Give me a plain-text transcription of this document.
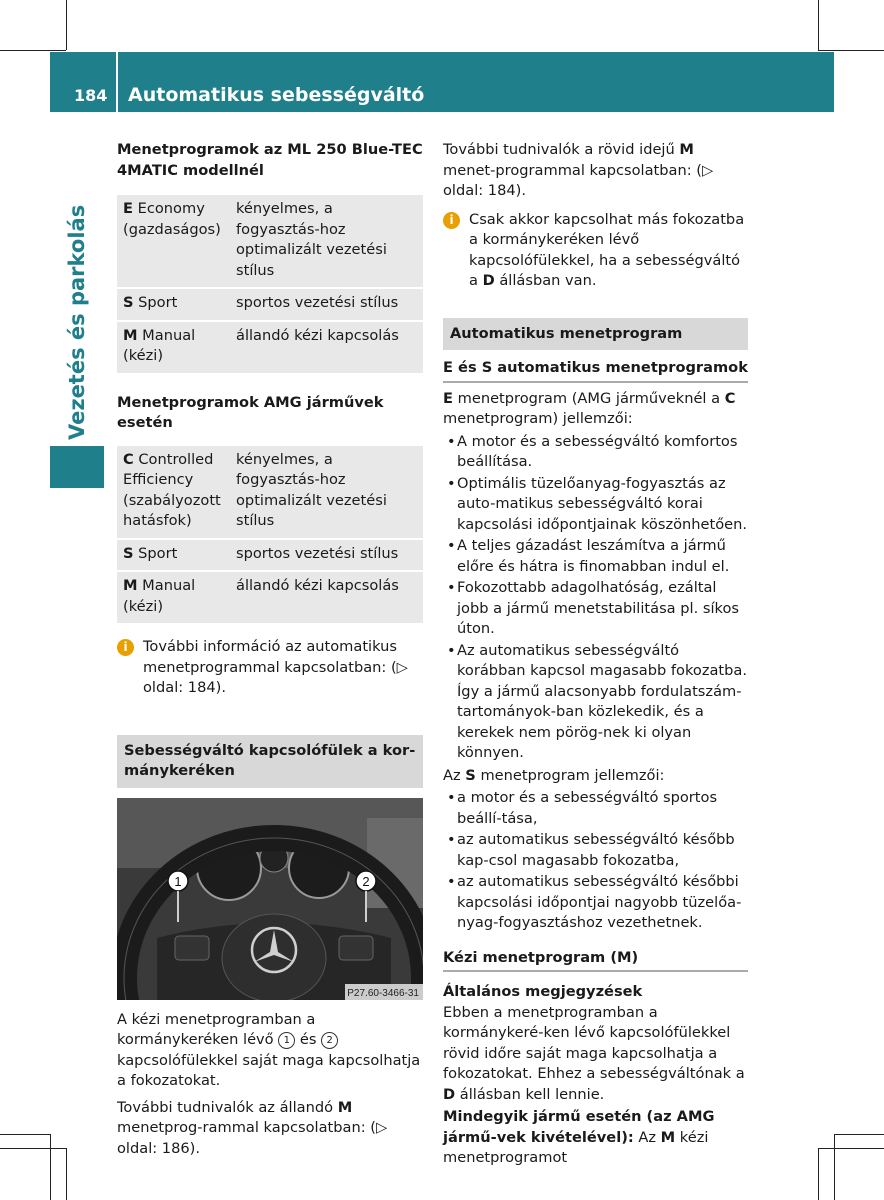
184 Automatikus sebességváltó
Vezetés és parkolás
Menetprogramok az ML 250 Blue-TEC 4MATIC modellnél
E Economy (gazdaságos)	kényelmes, a fogyasztás-hoz optimalizált vezetési stílus
S Sport	sportos vezetési stílus
M Manual (kézi)	állandó kézi kapcsolás
Menetprogramok AMG járművek esetén
C Controlled Efficiency (szabályozott hatásfok)	kényelmes, a fogyasztás-hoz optimalizált vezetési stílus
S Sport	sportos vezetési stílus
M Manual (kézi)	állandó kézi kapcsolás
i	További információ az automatikus menetprogrammal kapcsolatban: (▷ oldal: 184).
Sebességváltó kapcsolófülek a kor-mánykeréken
1	2
P27.60-3466-31

A kézi menetprogramban a kormánykeréken lévő 1 és 2 kapcsolófülekkel saját maga kapcsolhatja a fokozatokat.

További tudnivalók az állandó M menetprog-rammal kapcsolatban: (▷ oldal: 186).

További tudnivalók a rövid idejű M menet-programmal kapcsolatban: (▷ oldal: 184).

i	Csak akkor kapcsolhat más fokozatba a kormánykeréken lévő kapcsolófülekkel, ha a sebességváltó a D állásban van.
Automatikus menetprogram
E és S automatikus menetprogramok

E menetprogram (AMG járműveknél a C menetprogram) jellemzői:

• A motor és a sebességváltó komfortos beállítása.
• Optimális tüzelőanyag-fogyasztás az auto-matikus sebességváltó korai kapcsolási időpontjainak köszönhetően.
• A teljes gázadást leszámítva a jármű előre és hátra is finomabban indul el.
• Fokozottabb adagolhatóság, ezáltal jobb a jármű menetstabilitása pl. síkos úton.
• Az automatikus sebességváltó korábban kapcsol magasabb fokozatba. Így a jármű alacsonyabb fordulatszám-tartományok-ban közlekedik, és a kerekek nem pörög-nek ki olyan könnyen.

Az S menetprogram jellemzői:

• a motor és a sebességváltó sportos beállí-tása,
• az automatikus sebességváltó később kap-csol magasabb fokozatba,
• az automatikus sebességváltó későbbi kapcsolási időpontjai nagyobb tüzelőa-nyag-fogyasztáshoz vezethetnek.
Kézi menetprogram (M)
Általános megjegyzések

Ebben a menetprogramban a kormánykeré-ken lévő kapcsolófülekkel rövid időre saját maga kapcsolhatja a fokozatokat. Ehhez a sebességváltónak a D állásban kell lennie.

Mindegyik jármű esetén (az AMG jármű-vek kivételével): Az M kézi menetprogramot
